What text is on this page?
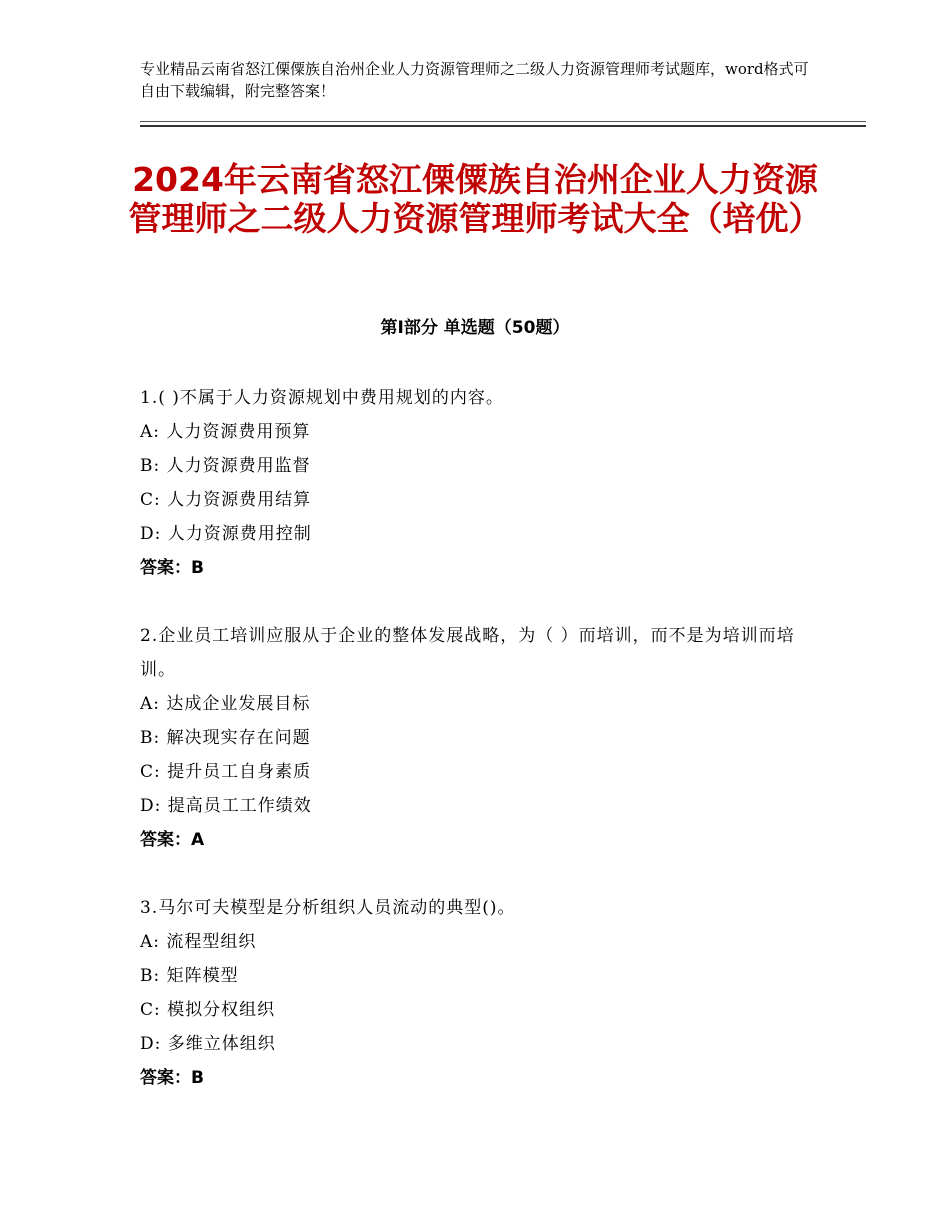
专业精品云南省怒江傈僳族自治州企业人力资源管理师之二级人力资源管理师考试题库，word格式可自由下载编辑，附完整答案！
2024年云南省怒江傈僳族自治州企业人力资源管理师之二级人力资源管理师考试大全（培优）
第Ⅰ部分 单选题（50题）

1.( )不属于人力资源规划中费用规划的内容。

A: 人力资源费用预算

B: 人力资源费用监督

C: 人力资源费用结算

D: 人力资源费用控制

答案：B

2.企业员工培训应服从于企业的整体发展战略，为（ ）而培训，而不是为培训而培训。

A: 达成企业发展目标

B: 解决现实存在问题

C: 提升员工自身素质

D: 提高员工工作绩效

答案：A

3.马尔可夫模型是分析组织人员流动的典型()。

A: 流程型组织

B: 矩阵模型

C: 模拟分权组织

D: 多维立体组织

答案：B
